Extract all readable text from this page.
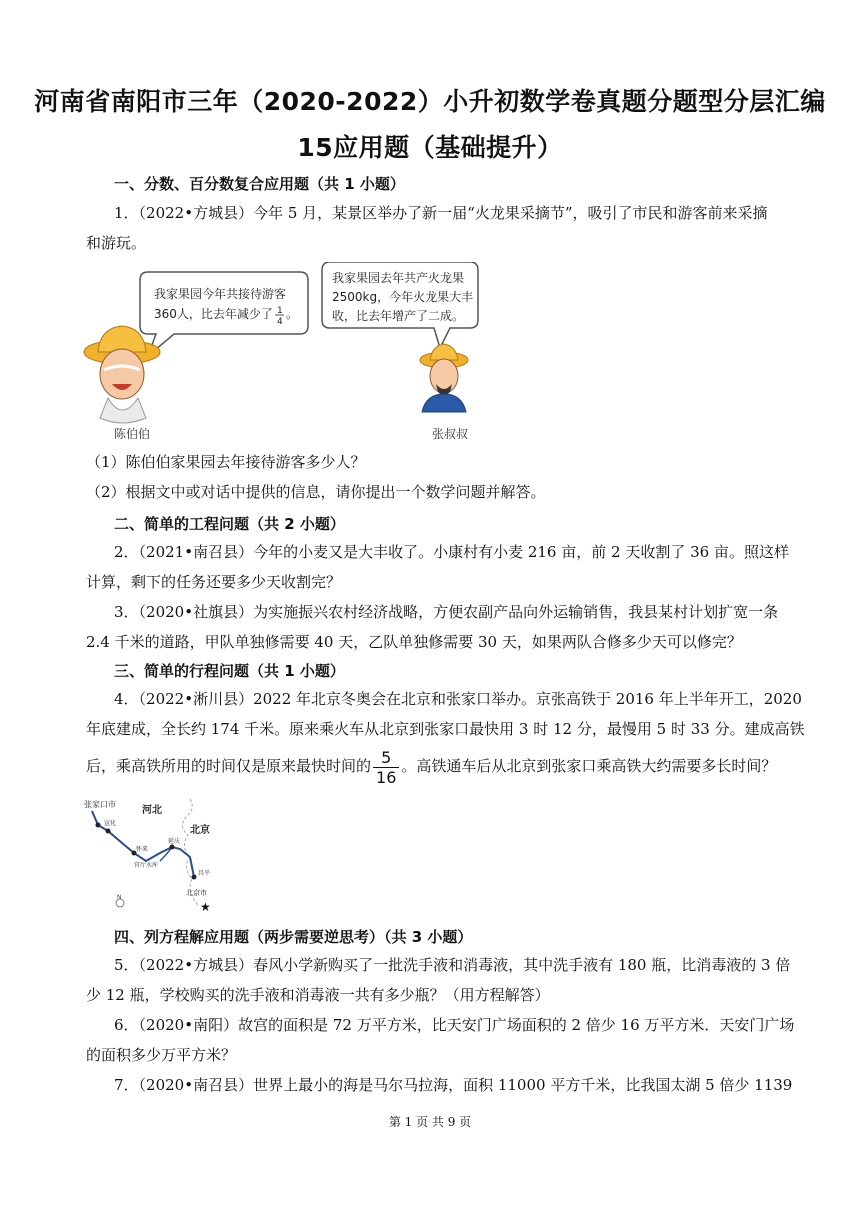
河南省南阳市三年（2020-2022）小升初数学卷真题分题型分层汇编
15应用题（基础提升）
一、分数、百分数复合应用题（共 1 小题）
1．（2022•方城县）今年 5 月，某景区举办了新一届“火龙果采摘节”，吸引了市民和游客前来采摘
和游玩。
我家果园今年共接待游客
360人，比去年减少了 1
4
。
我家果园去年共产火龙果
2500kg，今年火龙果大丰
收，比去年增产了二成。
陈伯伯	张叔叔
（1）陈伯伯家果园去年接待游客多少人？
（2）根据文中或对话中提供的信息，请你提出一个数学问题并解答。
二、简单的工程问题（共 2 小题）
2．（2021•南召县）今年的小麦又是大丰收了。小康村有小麦 216 亩，前 2 天收割了 36 亩。照这样
计算，剩下的任务还要多少天收割完？
3．（2020•社旗县）为实施振兴农村经济战略，方便农副产品向外运输销售，我县某村计划扩宽一条
2.4 千米的道路，甲队单独修需要 40 天，乙队单独修需要 30 天，如果两队合修多少天可以修完？
三、简单的行程问题（共 1 小题）
4．（2022•淅川县）2022 年北京冬奥会在北京和张家口举办。京张高铁于 2016 年上半年开工，2020
年底建成，全长约 174 千米。原来乘火车从北京到张家口最快用 3 时 12 分，最慢用 5 时 33 分。建成高铁
后，乘高铁所用的时间仅是原来最快时间的 $\frac{5}{16}$ 。高铁通车后从北京到张家口乘高铁大约需要多长时间？
张家口市
河北
北京
宣化
怀来
官厅水库
延庆
昌平
北京市
★
N
四、列方程解应用题（两步需要逆思考）（共 3 小题）
5．（2022•方城县）春风小学新购买了一批洗手液和消毒液，其中洗手液有 180 瓶，比消毒液的 3 倍
少 12 瓶，学校购买的洗手液和消毒液一共有多少瓶？（用方程解答）
6．（2020•南阳）故宫的面积是 72 万平方米，比天安门广场面积的 2 倍少 16 万平方米．天安门广场
的面积多少万平方米？
7．（2020•南召县）世界上最小的海是马尔马拉海，面积 11000 平方千米，比我国太湖 5 倍少 1139
第 1 页 共 9 页
